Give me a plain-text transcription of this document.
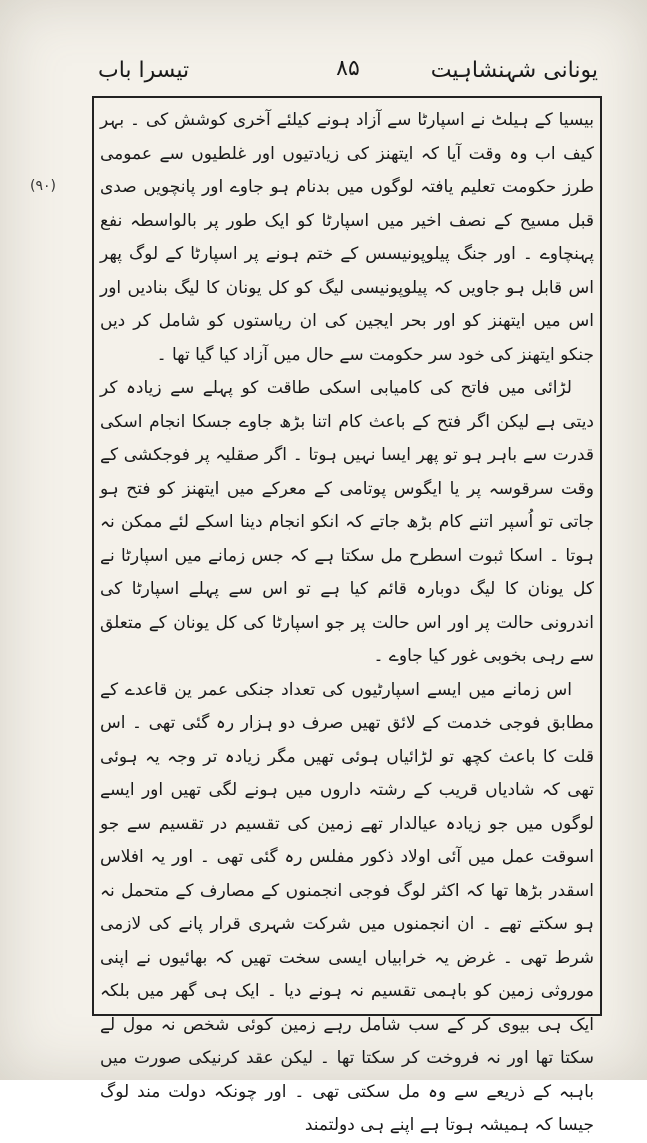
یونانی شہنشاہیت
۸۵
تیسرا باب
(۹۰)

بیسیا کے ہیلٹ نے اسپارٹا سے آزاد ہونے کیلئے آخری کوشش کی ۔ بہر کیف اب وہ وقت آیا کہ ایتھنز کی زیادتیوں اور غلطیوں سے عمومی طرز حکومت تعلیم یافتہ لوگوں میں بدنام ہو جاوے اور پانچویں صدی قبل مسیح کے نصف اخیر میں اسپارٹا کو ایک طور پر بالواسطہ نفع پہنچاوے ۔ اور جنگ پیلوپونیسس کے ختم ہونے پر اسپارٹا کے لوگ پھر اس قابل ہو جاویں کہ پیلوپونیسی لیگ کو کل یونان کا لیگ بنادیں اور اس میں ایتھنز کو اور بحر ایجین کی ان ریاستوں کو شامل کر دیں جنکو ایتھنز کی خود سر حکومت سے حال میں آزاد کیا گیا تھا ۔

لڑائی میں فاتح کی کامیابی اسکی طاقت کو پہلے سے زیادہ کر دیتی ہے لیکن اگر فتح کے باعث کام اتنا بڑھ جاوے جسکا انجام اسکی قدرت سے باہر ہو تو پھر ایسا نہیں ہوتا ۔ اگر صقلیہ پر فوجکشی کے وقت سرقوسہ پر یا ایگوس پوتامی کے معرکے میں ایتھنز کو فتح ہو جاتی تو اُسپر اتنے کام بڑھ جاتے کہ انکو انجام دینا اسکے لئے ممکن نہ ہوتا ۔ اسکا ثبوت اسطرح مل سکتا ہے کہ جس زمانے میں اسپارٹا نے کل یونان کا لیگ دوبارہ قائم کیا ہے تو اس سے پہلے اسپارٹا کی اندرونی حالت پر اور اس حالت پر جو اسپارٹا کی کل یونان کے متعلق سے رہی بخوبی غور کیا جاوے ۔

اس زمانے میں ایسے اسپارٹیوں کی تعداد جنکی عمر ین قاعدے کے مطابق فوجی خدمت کے لائق تھیں صرف دو ہزار رہ گئی تھی ۔ اس قلت کا باعث کچھ تو لڑائیاں ہوئی تھیں مگر زیادہ تر وجہ یہ ہوئی تھی کہ شادیاں قریب کے رشتہ داروں میں ہونے لگی تھیں اور ایسے لوگوں میں جو زیادہ عیالدار تھے زمین کی تقسیم در تقسیم سے جو اسوقت عمل میں آئی اولاد ذکور مفلس رہ گئی تھی ۔ اور یہ افلاس اسقدر بڑھا تھا کہ اکثر لوگ فوجی انجمنوں کے مصارف کے متحمل نہ ہو سکتے تھے ۔ ان انجمنوں میں شرکت شہری قرار پانے کی لازمی شرط تھی ۔ غرض یہ خرابیاں ایسی سخت تھیں کہ بھائیوں نے اپنی موروثی زمین کو باہمی تقسیم نہ ہونے دیا ۔ ایک ہی گھر میں بلکہ ایک ہی بیوی کر کے سب شامل رہے زمین کوئی شخص نہ مول لے سکتا تھا اور نہ فروخت کر سکتا تھا ۔ لیکن عقد کرنیکی صورت میں باہبہ کے ذریعے سے وہ مل سکتی تھی ۔ اور چونکہ دولت مند لوگ جیسا کہ ہمیشہ ہوتا ہے اپنے ہی دولتمند
